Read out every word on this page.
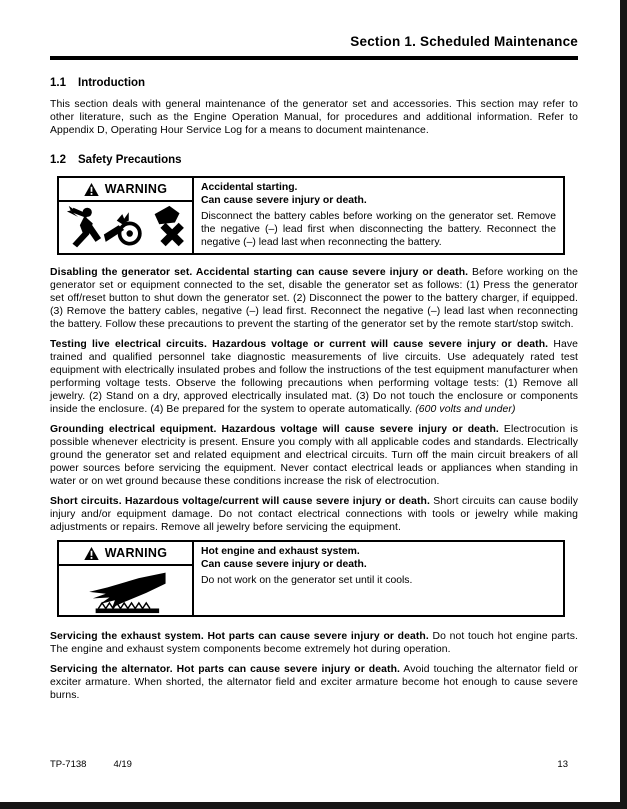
Section 1. Scheduled Maintenance
1.1	Introduction

This section deals with general maintenance of the generator set and accessories. This section may refer to other literature, such as the Engine Operation Manual, for procedures and additional information. Refer to Appendix D, Operating Hour Service Log for a means to document maintenance.

1.2	Safety Precautions
WARNING	Accidental starting.
Can cause severe injury or death.
Disconnect the battery cables before working on the generator set. Remove the negative (–) lead first when disconnecting the battery. Reconnect the negative (–) lead last when reconnecting the battery.

Disabling the generator set. Accidental starting can cause severe injury or death. Before working on the generator set or equipment connected to the set, disable the generator set as follows: (1) Press the generator set off/reset button to shut down the generator set. (2) Disconnect the power to the battery charger, if equipped. (3) Remove the battery cables, negative (–) lead first. Reconnect the negative (–) lead last when reconnecting the battery. Follow these precautions to prevent the starting of the generator set by the remote start/stop switch.

Testing live electrical circuits. Hazardous voltage or current will cause severe injury or death. Have trained and qualified personnel take diagnostic measurements of live circuits. Use adequately rated test equipment with electrically insulated probes and follow the instructions of the test equipment manufacturer when performing voltage tests. Observe the following precautions when performing voltage tests: (1) Remove all jewelry. (2) Stand on a dry, approved electrically insulated mat. (3) Do not touch the enclosure or components inside the enclosure. (4) Be prepared for the system to operate automatically. (600 volts and under)

Grounding electrical equipment. Hazardous voltage will cause severe injury or death. Electrocution is possible whenever electricity is present. Ensure you comply with all applicable codes and standards. Electrically ground the generator set and related equipment and electrical circuits. Turn off the main circuit breakers of all power sources before servicing the equipment. Never contact electrical leads or appliances when standing in water or on wet ground because these conditions increase the risk of electrocution.

Short circuits. Hazardous voltage/current will cause severe injury or death. Short circuits can cause bodily injury and/or equipment damage. Do not contact electrical connections with tools or jewelry while making adjustments or repairs. Remove all jewelry before servicing the equipment.

WARNING	Hot engine and exhaust system.
Can cause severe injury or death.
Do not work on the generator set until it cools.

Servicing the exhaust system. Hot parts can cause severe injury or death. Do not touch hot engine parts. The engine and exhaust system components become extremely hot during operation.

Servicing the alternator. Hot parts can cause severe injury or death. Avoid touching the alternator field or exciter armature. When shorted, the alternator field and exciter armature become hot enough to cause severe burns.

TP-7138	4/19	13
